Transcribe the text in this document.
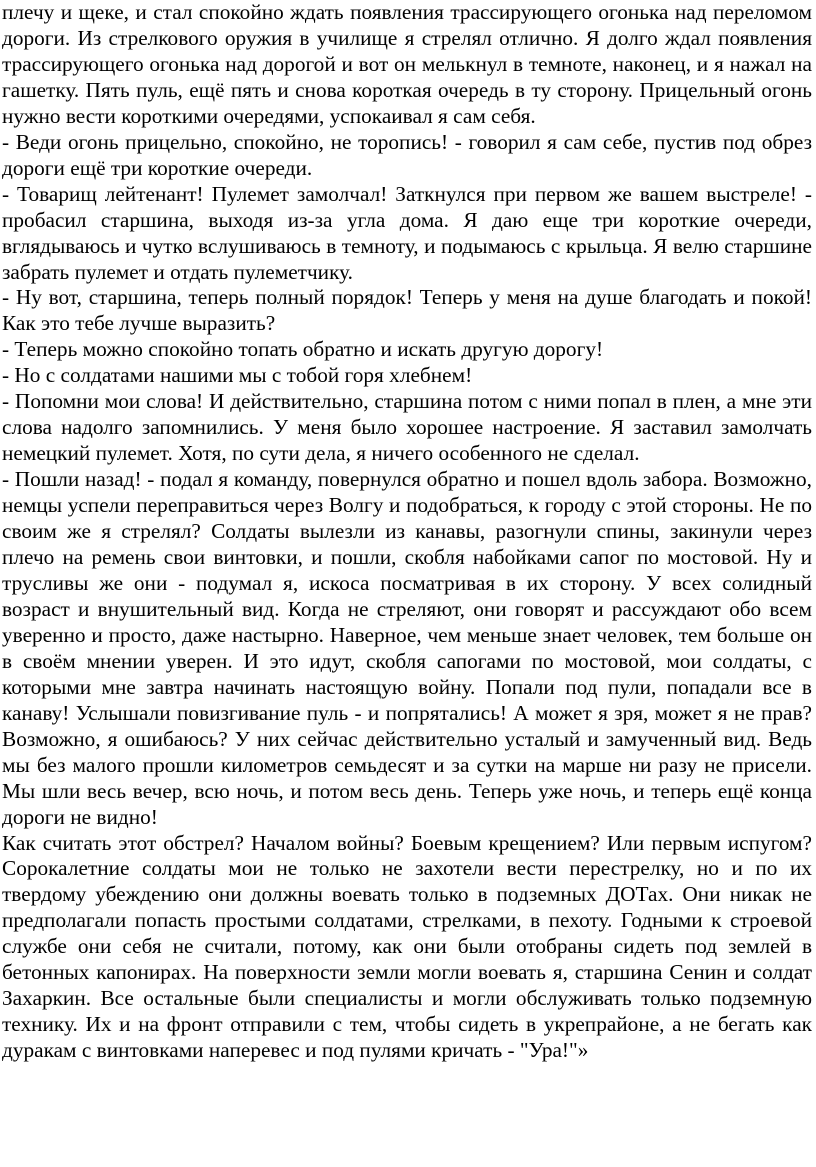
плечу и щеке, и стал спокойно ждать появления трассирующего огонька над переломом дороги. Из стрелкового оружия в училище я стрелял отлично. Я долго ждал появления трассирующего огонька над дорогой и вот он мелькнул в темноте, наконец, и я нажал на гашетку. Пять пуль, ещё пять и снова короткая очередь в ту сторону. Прицельный огонь нужно вести короткими очередями, успокаивал я сам себя.

- Веди огонь прицельно, спокойно, не торопись! - говорил я сам себе, пустив под обрез дороги ещё три короткие очереди.

- Товарищ лейтенант! Пулемет замолчал! Заткнулся при первом же вашем выстреле! - пробасил старшина, выходя из-за угла дома. Я даю еще три короткие очереди, вглядываюсь и чутко вслушиваюсь в темноту, и подымаюсь с крыльца. Я велю старшине забрать пулемет и отдать пулеметчику.

- Ну вот, старшина, теперь полный порядок! Теперь у меня на душе благодать и покой! Как это тебе лучше выразить?

- Теперь можно спокойно топать обратно и искать другую дорогу!

- Но с солдатами нашими мы с тобой горя хлебнем!

- Попомни мои слова! И действительно, старшина потом с ними попал в плен, а мне эти слова надолго запомнились. У меня было хорошее настроение. Я заставил замолчать немецкий пулемет. Хотя, по сути дела, я ничего особенного не сделал.

- Пошли назад! - подал я команду, повернулся обратно и пошел вдоль забора. Возможно, немцы успели переправиться через Волгу и подобраться, к городу с этой стороны. Не по своим же я стрелял? Солдаты вылезли из канавы, разогнули спины, закинули через плечо на ремень свои винтовки, и пошли, скобля набойками сапог по мостовой. Ну и трусливы же они - подумал я, искоса посматривая в их сторону. У всех солидный возраст и внушительный вид. Когда не стреляют, они говорят и рассуждают обо всем уверенно и просто, даже настырно. Наверное, чем меньше знает человек, тем больше он в своём мнении уверен. И это идут, скобля сапогами по мостовой, мои солдаты, с которыми мне завтра начинать настоящую войну. Попали под пули, попадали все в канаву! Услышали повизгивание пуль - и попрятались! А может я зря, может я не прав? Возможно, я ошибаюсь? У них сейчас действительно усталый и замученный вид. Ведь мы без малого прошли километров семьдесят и за сутки на марше ни разу не присели. Мы шли весь вечер, всю ночь, и потом весь день. Теперь уже ночь, и теперь ещё конца дороги не видно!

Как считать этот обстрел? Началом войны? Боевым крещением? Или первым испугом? Сорокалетние солдаты мои не только не захотели вести перестрелку, но и по их твердому убеждению они должны воевать только в подземных ДОТах. Они никак не предполагали попасть простыми солдатами, стрелками, в пехоту. Годными к строевой службе они себя не считали, потому, как они были отобраны сидеть под землей в бетонных капонирах. На поверхности земли могли воевать я, старшина Сенин и солдат Захаркин. Все остальные были специалисты и могли обслуживать только подземную технику. Их и на фронт отправили с тем, чтобы сидеть в укрепрайоне, а не бегать как дуракам с винтовками наперевес и под пулями кричать - "Ура!"»
